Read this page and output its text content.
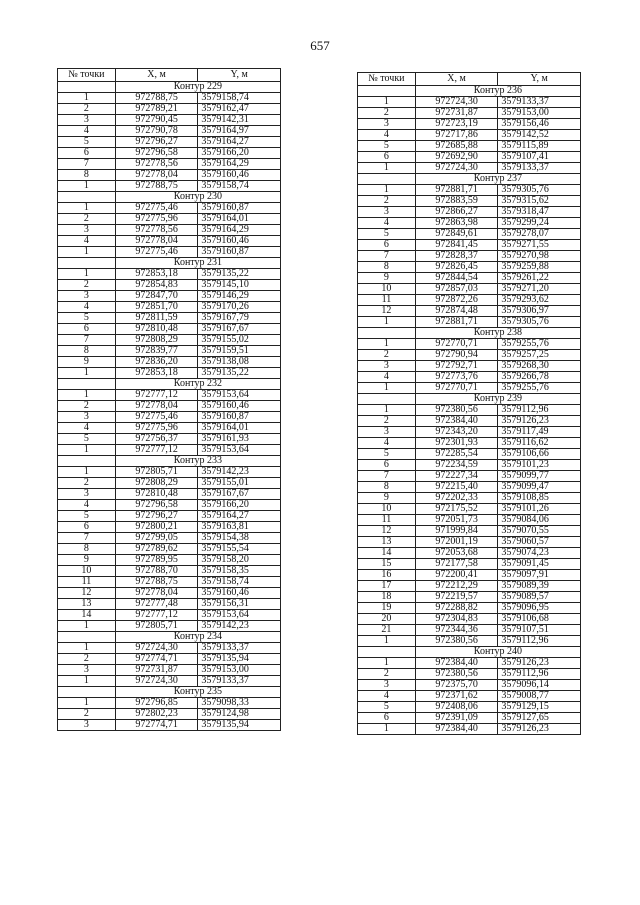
657
№ точки	X, м	Y, м
	Контур 229	
1	972788,75	3579158,74
2	972789,21	3579162,47
3	972790,45	3579142,31
4	972790,78	3579164,97
5	972796,27	3579164,27
6	972796,58	3579166,20
7	972778,56	3579164,29
8	972778,04	3579160,46
1	972788,75	3579158,74
	Контур 230	
1	972775,46	3579160,87
2	972775,96	3579164,01
3	972778,56	3579164,29
4	972778,04	3579160,46
1	972775,46	3579160,87
	Контур 231	
1	972853,18	3579135,22
2	972854,83	3579145,10
3	972847,70	3579146,29
4	972851,70	3579170,26
5	972811,59	3579167,79
6	972810,48	3579167,67
7	972808,29	3579155,02
8	972839,77	3579159,51
9	972836,20	3579138,08
1	972853,18	3579135,22
	Контур 232	
1	972777,12	3579153,64
2	972778,04	3579160,46
3	972775,46	3579160,87
4	972775,96	3579164,01
5	972756,37	3579161,93
1	972777,12	3579153,64
	Контур 233	
1	972805,71	3579142,23
2	972808,29	3579155,01
3	972810,48	3579167,67
4	972796,58	3579166,20
5	972796,27	3579164,27
6	972800,21	3579163,81
7	972799,05	3579154,38
8	972789,62	3579155,54
9	972789,95	3579158,20
10	972788,70	3579158,35
11	972788,75	3579158,74
12	972778,04	3579160,46
13	972777,48	3579156,31
14	972777,12	3579153,64
1	972805,71	3579142,23
	Контур 234	
1	972724,30	3579133,37
2	972774,71	3579135,94
3	972731,87	3579153,00
1	972724,30	3579133,37
	Контур 235	
1	972796,85	3579098,33
2	972802,23	3579124,98
3	972774,71	3579135,94
№ точки	X, м	Y, м
	Контур 236	
1	972724,30	3579133,37
2	972731,87	3579153,00
3	972723,19	3579156,46
4	972717,86	3579142,52
5	972685,88	3579115,89
6	972692,90	3579107,41
1	972724,30	3579133,37
	Контур 237	
1	972881,71	3579305,76
2	972883,59	3579315,62
3	972866,27	3579318,47
4	972863,98	3579299,24
5	972849,61	3579278,07
6	972841,45	3579271,55
7	972828,37	3579270,98
8	972826,45	3579259,88
9	972844,54	3579261,22
10	972857,03	3579271,20
11	972872,26	3579293,62
12	972874,48	3579306,97
1	972881,71	3579305,76
	Контур 238	
1	972770,71	3579255,76
2	972790,94	3579257,25
3	972792,71	3579268,30
4	972773,76	3579266,78
1	972770,71	3579255,76
	Контур 239	
1	972380,56	3579112,96
2	972384,40	3579126,23
3	972343,20	3579117,49
4	972301,93	3579116,62
5	972285,54	3579106,66
6	972234,59	3579101,23
7	972227,34	3579099,77
8	972215,40	3579099,47
9	972202,33	3579108,85
10	972175,52	3579101,26
11	972051,73	3579084,06
12	971999,84	3579070,55
13	972001,19	3579060,57
14	972053,68	3579074,23
15	972177,58	3579091,45
16	972200,41	3579097,91
17	972212,29	3579089,39
18	972219,57	3579089,57
19	972288,82	3579096,95
20	972304,83	3579106,68
21	972344,36	3579107,51
1	972380,56	3579112,96
	Контур 240	
1	972384,40	3579126,23
2	972380,56	3579112,96
3	972375,70	3579096,14
4	972371,62	3579008,77
5	972408,06	3579129,15
6	972391,09	3579127,65
1	972384,40	3579126,23
